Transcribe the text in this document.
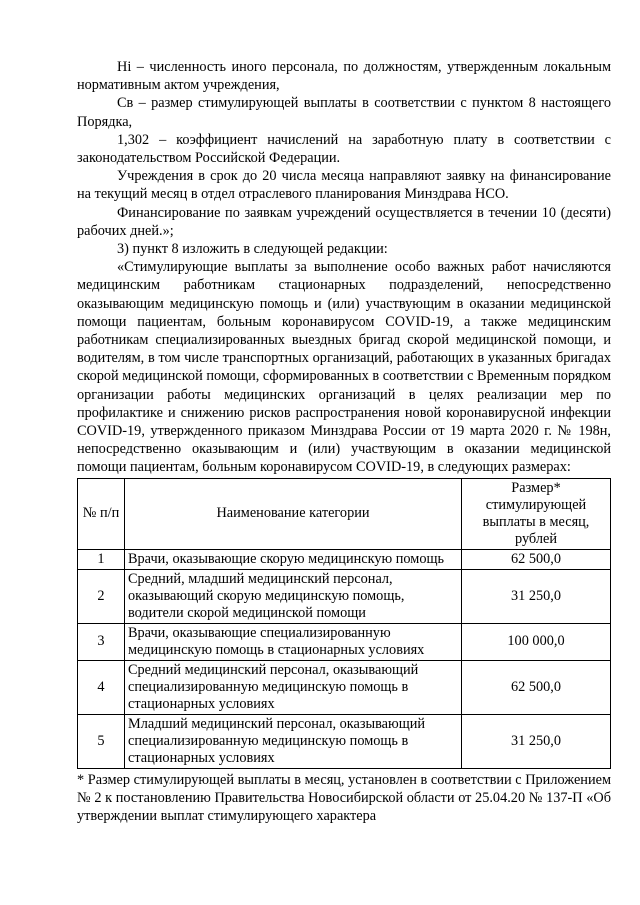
Hi – численность иного персонала, по должностям, утвержденным локальным нормативным актом учреждения,

Св – размер стимулирующей выплаты в соответствии с пунктом 8 настоящего Порядка,

1,302 – коэффициент начислений на заработную плату в соответствии с законодательством Российской Федерации.

Учреждения в срок до 20 числа месяца направляют заявку на финансирование на текущий месяц в отдел отраслевого планирования Минздрава НСО.

Финансирование по заявкам учреждений осуществляется в течении 10 (десяти) рабочих дней.»;

3) пункт 8 изложить в следующей редакции:

«Стимулирующие выплаты за выполнение особо важных работ начисляются медицинским работникам стационарных подразделений, непосредственно оказывающим медицинскую помощь и (или) участвующим в оказании медицинской помощи пациентам, больным коронавирусом COVID-19, а также медицинским работникам специализированных выездных бригад скорой медицинской помощи, и водителям, в том числе транспортных организаций, работающих в указанных бригадах скорой медицинской помощи, сформированных в соответствии с Временным порядком организации работы медицинских организаций в целях реализации мер по профилактике и снижению рисков распространения новой коронавирусной инфекции COVID-19, утвержденного приказом Минздрава России от 19 марта 2020 г. № 198н, непосредственно оказывающим и (или) участвующим в оказании медицинской помощи пациентам, больным коронавирусом COVID-19, в следующих размерах:

№ п/п	Наименование категории	Размер* стимулирующей выплаты в месяц, рублей
1	Врачи, оказывающие скорую медицинскую помощь	62 500,0
2	Средний, младший медицинский персонал, оказывающий скорую медицинскую помощь, водители скорой медицинской помощи	31 250,0
3	Врачи, оказывающие специализированную медицинскую помощь в стационарных условиях	100 000,0
4	Средний медицинский персонал, оказывающий специализированную медицинскую помощь в стационарных условиях	62 500,0
5	Младший медицинский персонал, оказывающий специализированную медицинскую помощь в стационарных условиях	31 250,0

* Размер стимулирующей выплаты в месяц, установлен в соответствии с Приложением № 2 к постановлению Правительства Новосибирской области от 25.04.20 № 137-П «Об утверждении выплат стимулирующего характера
